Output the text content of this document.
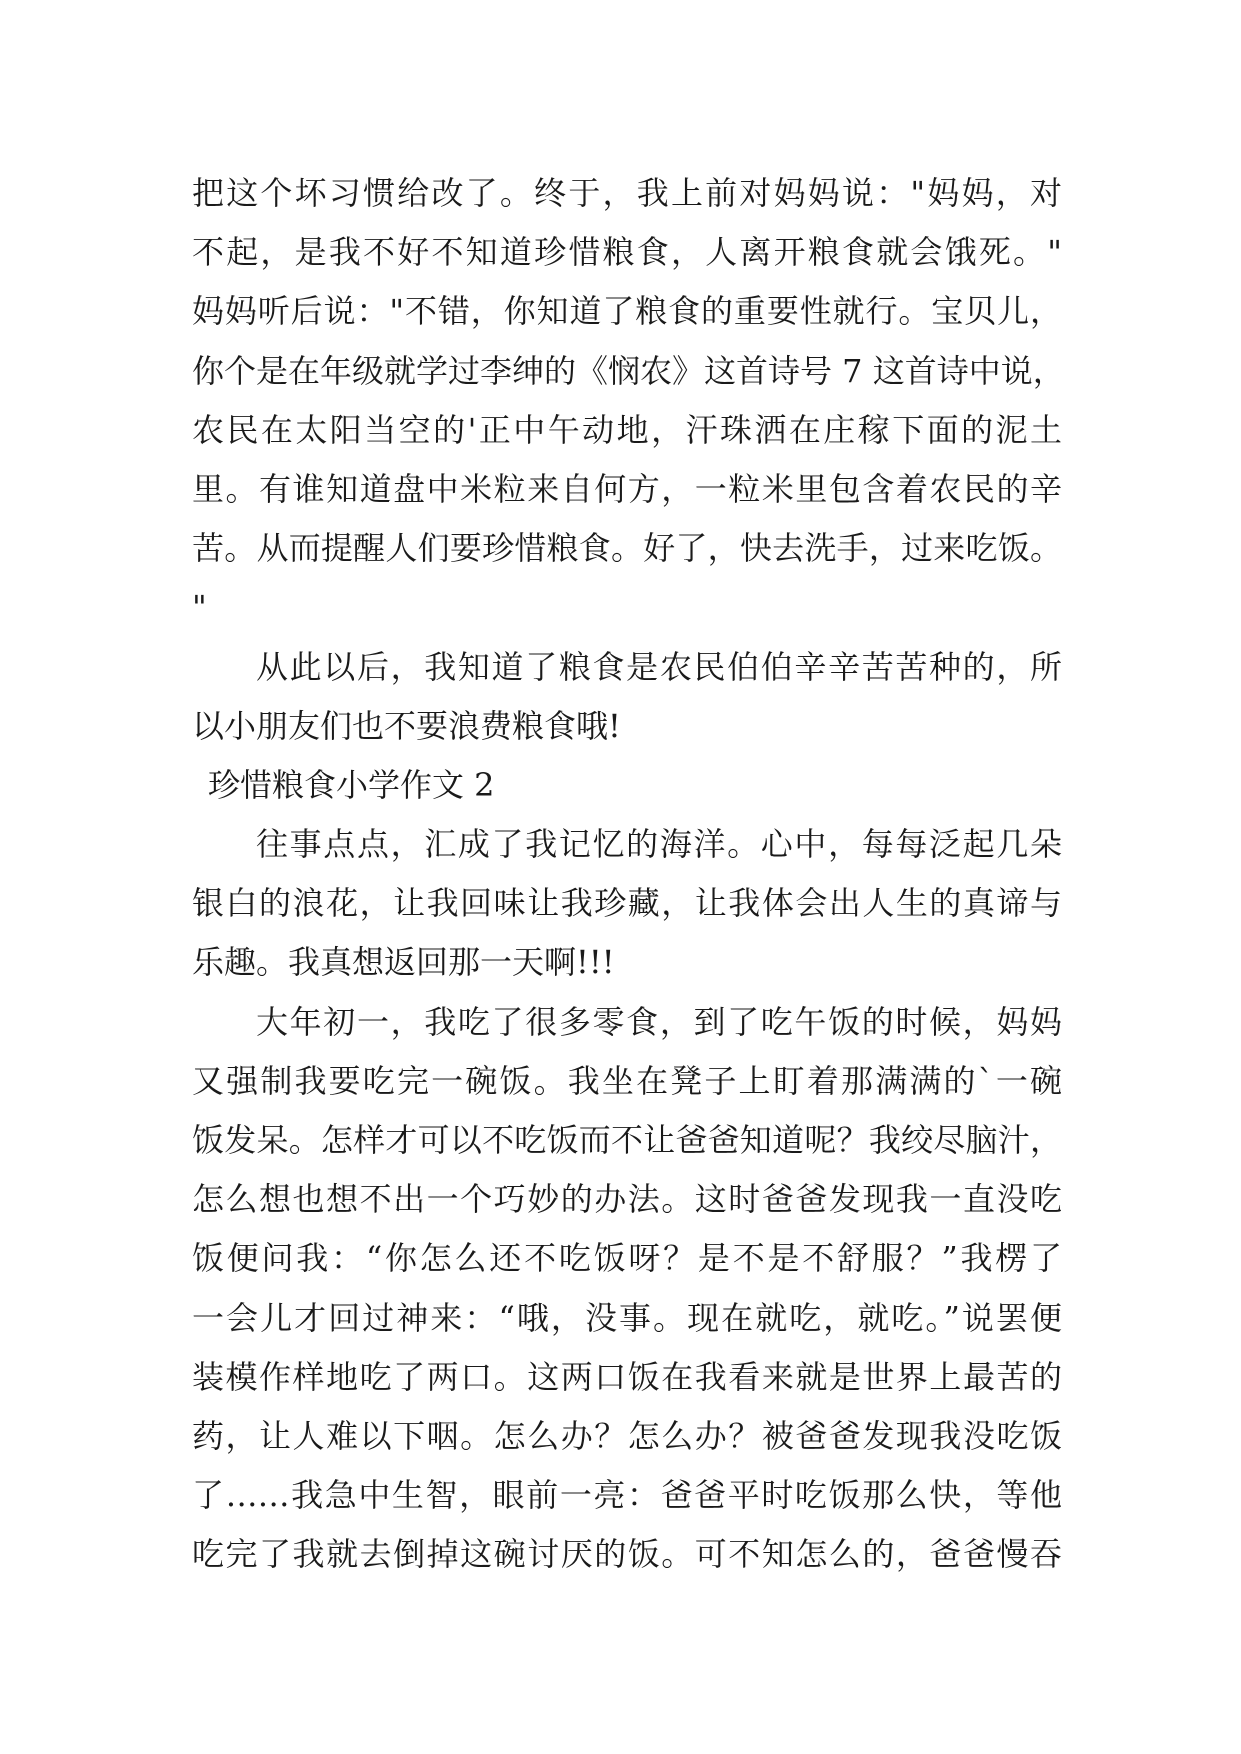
把这个坏习惯给改了。终于，我上前对妈妈说："妈妈，对
不起，是我不好不知道珍惜粮食，人离开粮食就会饿死。"
妈妈听后说："不错，你知道了粮食的重要性就行。宝贝儿，
你个是在年级就学过李绅的《悯农》这首诗号 7 这首诗中说，
农民在太阳当空的'正中午动地，汗珠洒在庄稼下面的泥土
里。有谁知道盘中米粒来自何方，一粒米里包含着农民的辛
苦。从而提醒人们要珍惜粮食。好了，快去洗手，过来吃饭。
"
从此以后，我知道了粮食是农民伯伯辛辛苦苦种的，所
以小朋友们也不要浪费粮食哦!
珍惜粮食小学作文 2
往事点点，汇成了我记忆的海洋。心中，每每泛起几朵
银白的浪花，让我回味让我珍藏，让我体会出人生的真谛与
乐趣。我真想返回那一天啊!!!
大年初一，我吃了很多零食，到了吃午饭的时候，妈妈
又强制我要吃完一碗饭。我坐在凳子上盯着那满满的`一碗
饭发呆。怎样才可以不吃饭而不让爸爸知道呢？我绞尽脑汁，
怎么想也想不出一个巧妙的办法。这时爸爸发现我一直没吃
饭便问我：“你怎么还不吃饭呀？是不是不舒服？”我楞了
一会儿才回过神来：“哦，没事。现在就吃，就吃。”说罢便
装模作样地吃了两口。这两口饭在我看来就是世界上最苦的
药，让人难以下咽。怎么办？怎么办？被爸爸发现我没吃饭
了……我急中生智，眼前一亮：爸爸平时吃饭那么快，等他
吃完了我就去倒掉这碗讨厌的饭。可不知怎么的，爸爸慢吞
